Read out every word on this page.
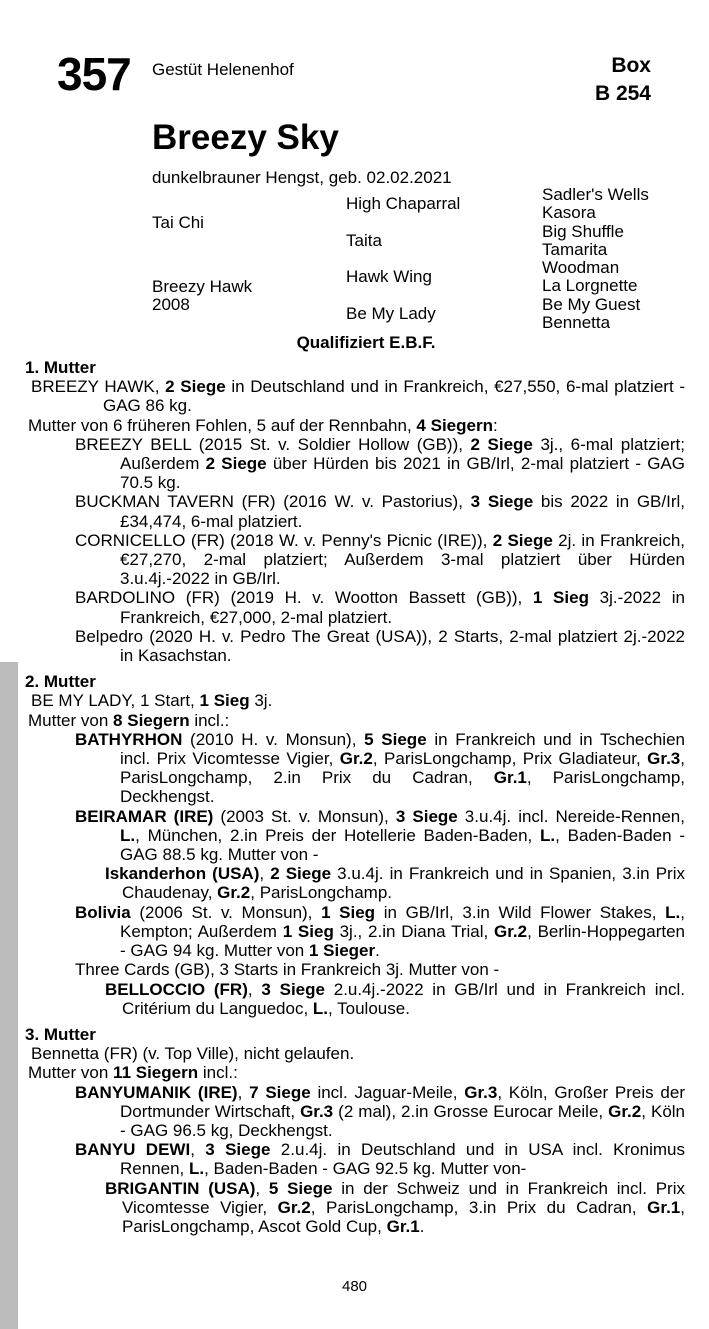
357 Gestüt Helenenhof	Box
B 254
Breezy Sky
dunkelbrauner Hengst, geb. 02.02.2021
Tai Chi
Breezy Hawk
2008
High Chaparral
Taita
Hawk Wing
Be My Lady
Sadler's Wells
Kasora
Big Shuffle
Tamarita
Woodman
La Lorgnette
Be My Guest
Bennetta
Qualifiziert E.B.F.
1. Mutter
BREEZY HAWK, 2 Siege in Deutschland und in Frankreich, €27,550, 6-mal platziert - GAG 86 kg.
Mutter von 6 früheren Fohlen, 5 auf der Rennbahn, 4 Siegern:
BREEZY BELL (2015 St. v. Soldier Hollow (GB)), 2 Siege 3j., 6-mal platziert; Außerdem 2 Siege über Hürden bis 2021 in GB/Irl, 2-mal platziert - GAG 70.5 kg.
BUCKMAN TAVERN (FR) (2016 W. v. Pastorius), 3 Siege bis 2022 in GB/Irl, £34,474, 6-mal platziert.
CORNICELLO (FR) (2018 W. v. Penny's Picnic (IRE)), 2 Siege 2j. in Frankreich, €27,270, 2-mal platziert; Außerdem 3-mal platziert über Hürden 3.u.4j.-2022 in GB/Irl.
BARDOLINO (FR) (2019 H. v. Wootton Bassett (GB)), 1 Sieg 3j.-2022 in Frankreich, €27,000, 2-mal platziert.
Belpedro (2020 H. v. Pedro The Great (USA)), 2 Starts, 2-mal platziert 2j.-2022 in Kasachstan.
2. Mutter
BE MY LADY, 1 Start, 1 Sieg 3j.
Mutter von 8 Siegern incl.:
BATHYRHON (2010 H. v. Monsun), 5 Siege in Frankreich und in Tschechien incl. Prix Vicomtesse Vigier, Gr.2, ParisLongchamp, Prix Gladiateur, Gr.3, ParisLongchamp, 2.in Prix du Cadran, Gr.1, ParisLongchamp, Deckhengst.
BEIRAMAR (IRE) (2003 St. v. Monsun), 3 Siege 3.u.4j. incl. Nereide-Rennen, L., München, 2.in Preis der Hotellerie Baden-Baden, L., Baden-Baden - GAG 88.5 kg. Mutter von -
Iskanderhon (USA), 2 Siege 3.u.4j. in Frankreich und in Spanien, 3.in Prix Chaudenay, Gr.2, ParisLongchamp.
Bolivia (2006 St. v. Monsun), 1 Sieg in GB/Irl, 3.in Wild Flower Stakes, L., Kempton; Außerdem 1 Sieg 3j., 2.in Diana Trial, Gr.2, Berlin-Hoppegarten - GAG 94 kg. Mutter von 1 Sieger.
Three Cards (GB), 3 Starts in Frankreich 3j. Mutter von -
BELLOCCIO (FR), 3 Siege 2.u.4j.-2022 in GB/Irl und in Frankreich incl. Critérium du Languedoc, L., Toulouse.
3. Mutter
Bennetta (FR) (v. Top Ville), nicht gelaufen.
Mutter von 11 Siegern incl.:
BANYUMANIK (IRE), 7 Siege incl. Jaguar-Meile, Gr.3, Köln, Großer Preis der Dortmunder Wirtschaft, Gr.3 (2 mal), 2.in Grosse Eurocar Meile, Gr.2, Köln - GAG 96.5 kg, Deckhengst.
BANYU DEWI, 3 Siege 2.u.4j. in Deutschland und in USA incl. Kronimus Rennen, L., Baden-Baden - GAG 92.5 kg. Mutter von-
BRIGANTIN (USA), 5 Siege in der Schweiz und in Frankreich incl. Prix Vicomtesse Vigier, Gr.2, ParisLongchamp, 3.in Prix du Cadran, Gr.1, ParisLongchamp, Ascot Gold Cup, Gr.1.
480
